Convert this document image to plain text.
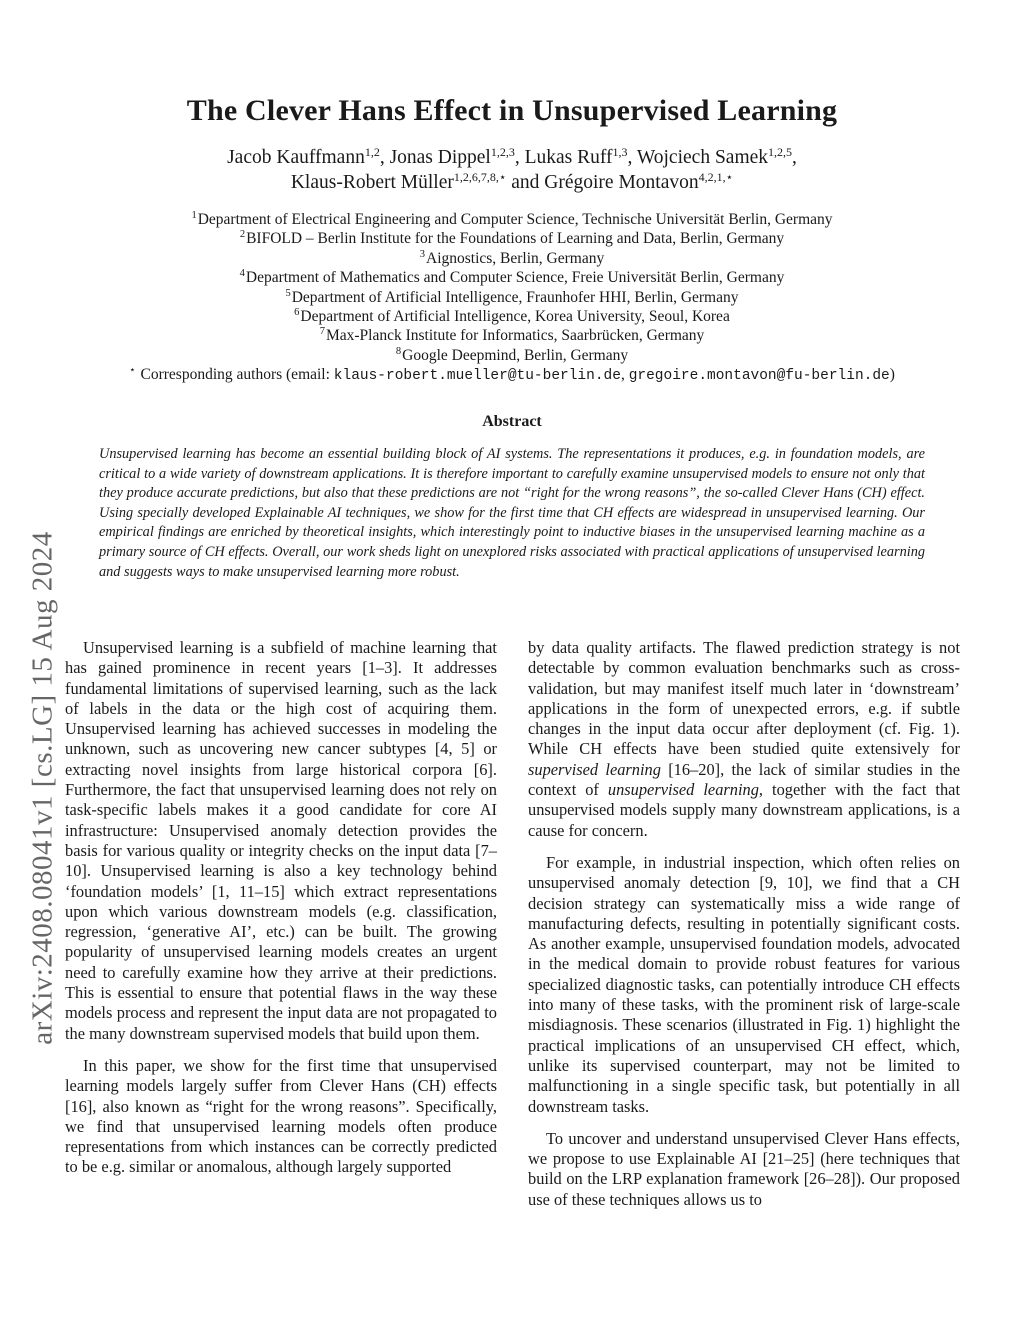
arXiv:2408.08041v1 [cs.LG] 15 Aug 2024
The Clever Hans Effect in Unsupervised Learning
Jacob Kauffmann$^{1,2}$, Jonas Dippel$^{1,2,3}$, Lukas Ruff$^{1,3}$, Wojciech Samek$^{1,2,5}$,
Klaus-Robert Müller$^{1,2,6,7,8,⋆}$ and Grégoire Montavon$^{4,2,1,⋆}$
$^1$Department of Electrical Engineering and Computer Science, Technische Universität Berlin, Germany
$^2$BIFOLD – Berlin Institute for the Foundations of Learning and Data, Berlin, Germany
$^3$Aignostics, Berlin, Germany
$^4$Department of Mathematics and Computer Science, Freie Universität Berlin, Germany
$^5$Department of Artificial Intelligence, Fraunhofer HHI, Berlin, Germany
$^6$Department of Artificial Intelligence, Korea University, Seoul, Korea
$^7$Max-Planck Institute for Informatics, Saarbrücken, Germany
$^8$Google Deepmind, Berlin, Germany
⋆ Corresponding authors (email: klaus-robert.mueller@tu-berlin.de, gregoire.montavon@fu-berlin.de)
Abstract
Unsupervised learning has become an essential building block of AI systems. The representations it produces, e.g. in foundation models, are critical to a wide variety of downstream applications. It is therefore important to carefully examine unsupervised models to ensure not only that they produce accurate predictions, but also that these predictions are not “right for the wrong reasons”, the so-called Clever Hans (CH) effect. Using specially developed Explainable AI techniques, we show for the first time that CH effects are widespread in unsupervised learning. Our empirical findings are enriched by theoretical insights, which interestingly point to inductive biases in the unsupervised learning machine as a primary source of CH effects. Overall, our work sheds light on unexplored risks associated with practical applications of unsupervised learning and suggests ways to make unsupervised learning more robust.

Unsupervised learning is a subfield of machine learning that has gained prominence in recent years [1–3]. It addresses fundamental limitations of supervised learning, such as the lack of labels in the data or the high cost of acquiring them. Unsupervised learning has achieved successes in modeling the unknown, such as uncovering new cancer subtypes [4, 5] or extracting novel insights from large historical corpora [6]. Furthermore, the fact that unsupervised learning does not rely on task-specific labels makes it a good candidate for core AI infrastructure: Unsupervised anomaly detection provides the basis for various quality or integrity checks on the input data [7–10]. Unsupervised learning is also a key technology behind ‘foundation models’ [1, 11–15] which extract representations upon which various downstream models (e.g. classification, regression, ‘generative AI’, etc.) can be built. The growing popularity of unsupervised learning models creates an urgent need to carefully examine how they arrive at their predictions. This is essential to ensure that potential flaws in the way these models process and represent the input data are not propagated to the many downstream supervised models that build upon them.

In this paper, we show for the first time that unsupervised learning models largely suffer from Clever Hans (CH) effects [16], also known as “right for the wrong reasons”. Specifically, we find that unsupervised learning models often produce representations from which instances can be correctly predicted to be e.g. similar or anomalous, although largely supported

by data quality artifacts. The flawed prediction strategy is not detectable by common evaluation benchmarks such as cross-validation, but may manifest itself much later in ‘downstream’ applications in the form of unexpected errors, e.g. if subtle changes in the input data occur after deployment (cf. Fig. 1). While CH effects have been studied quite extensively for supervised learning [16–20], the lack of similar studies in the context of unsupervised learning, together with the fact that unsupervised models supply many downstream applications, is a cause for concern.

For example, in industrial inspection, which often relies on unsupervised anomaly detection [9, 10], we find that a CH decision strategy can systematically miss a wide range of manufacturing defects, resulting in potentially significant costs. As another example, unsupervised foundation models, advocated in the medical domain to provide robust features for various specialized diagnostic tasks, can potentially introduce CH effects into many of these tasks, with the prominent risk of large-scale misdiagnosis. These scenarios (illustrated in Fig. 1) highlight the practical implications of an unsupervised CH effect, which, unlike its supervised counterpart, may not be limited to malfunctioning in a single specific task, but potentially in all downstream tasks.

To uncover and understand unsupervised Clever Hans effects, we propose to use Explainable AI [21–25] (here techniques that build on the LRP explanation framework [26–28]). Our proposed use of these techniques allows us to
